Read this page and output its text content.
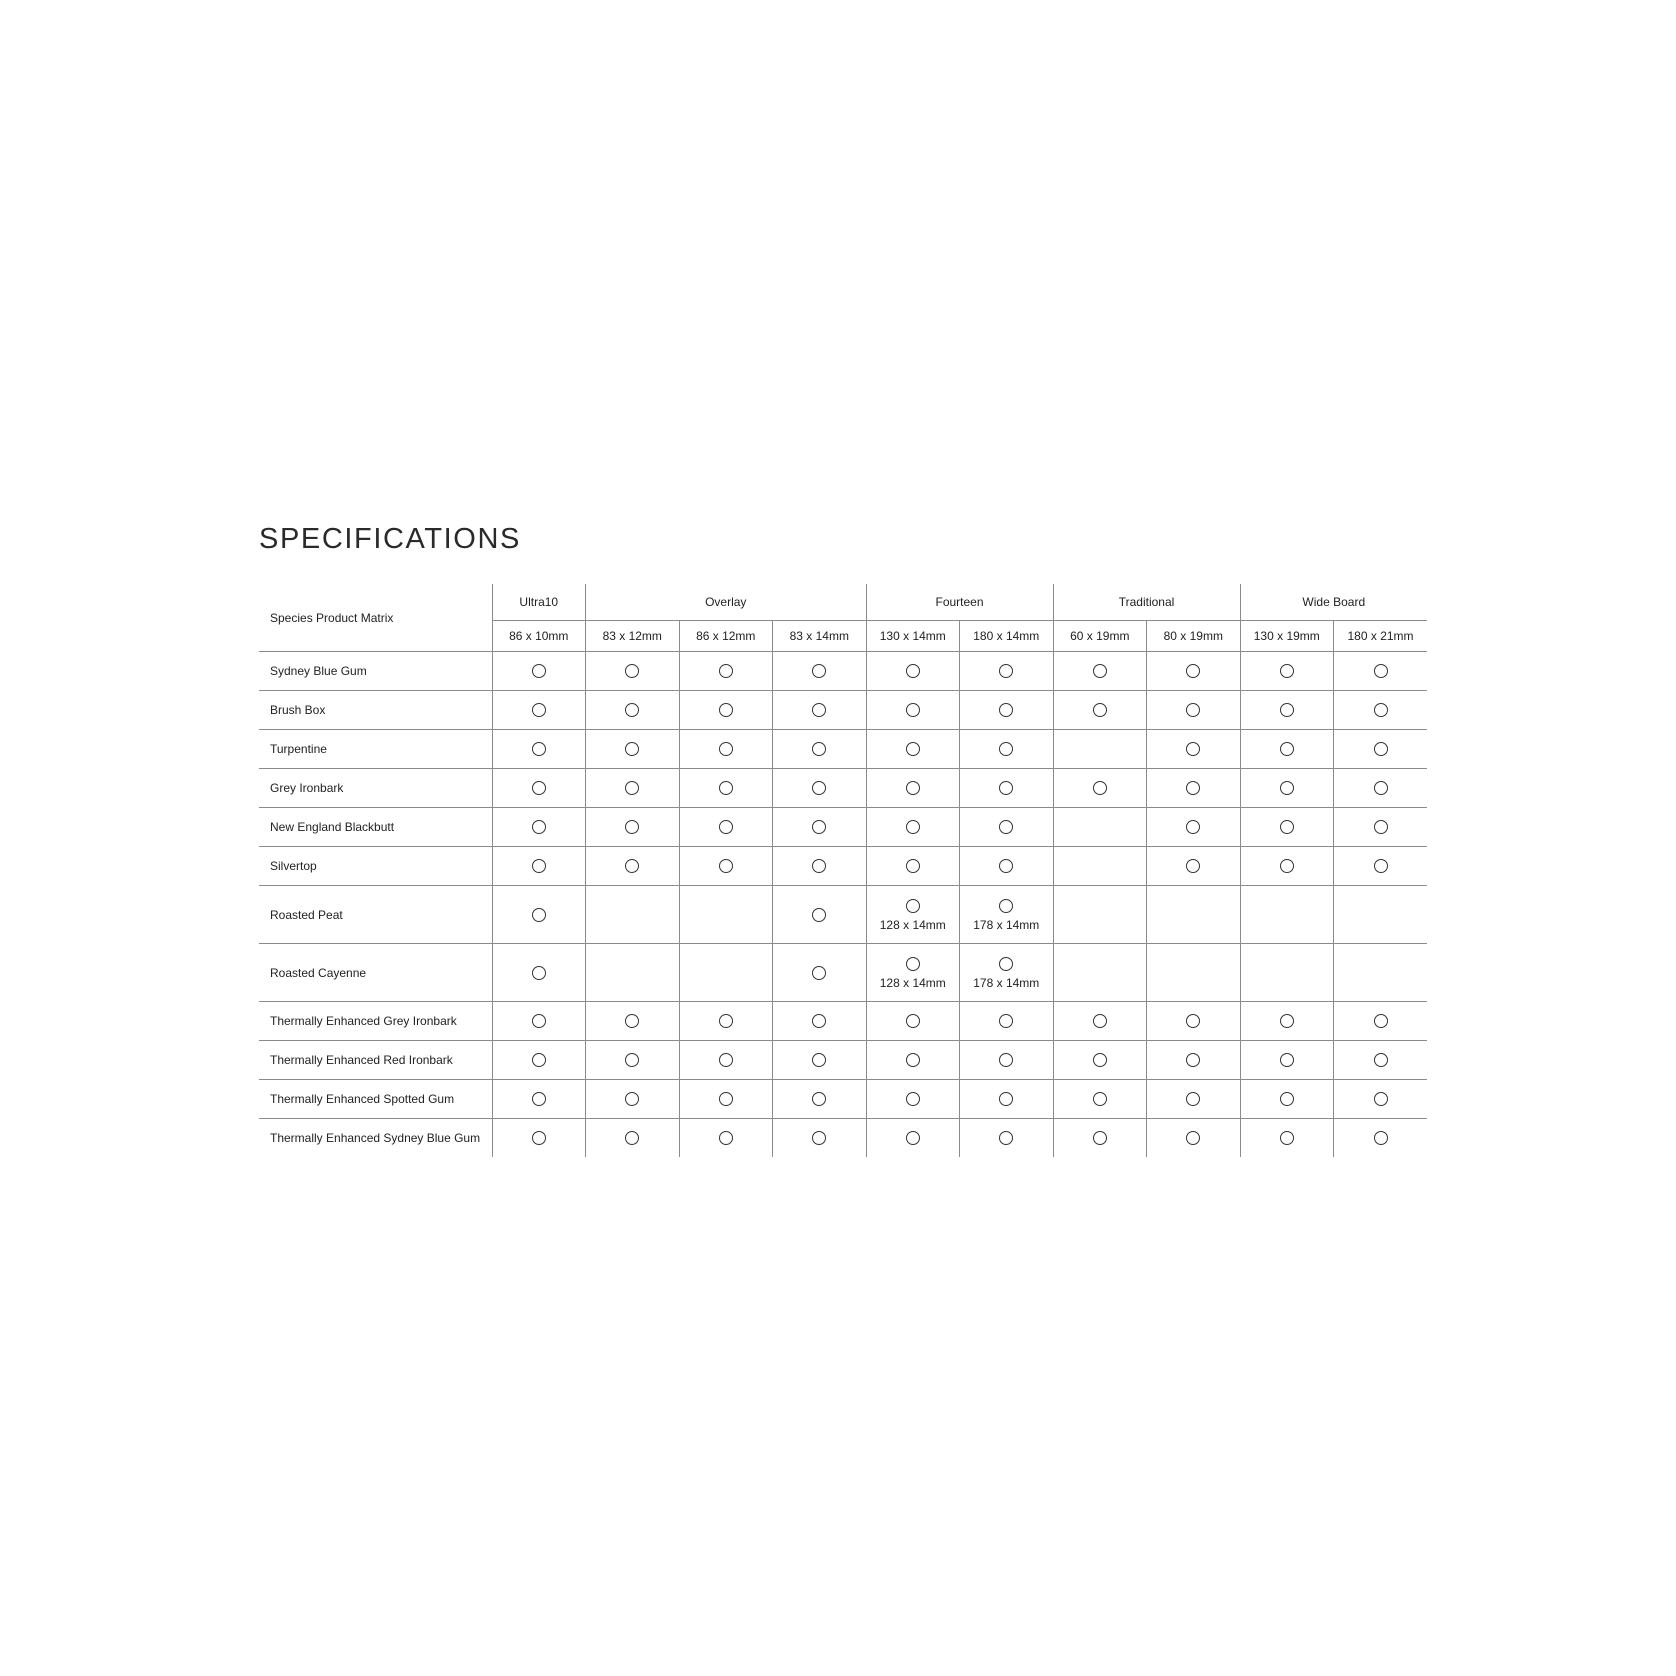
SPECIFICATIONS
Species Product Matrix	Ultra10	Overlay			Fourteen		Traditional		Wide Board	
	86 x 10mm	83 x 12mm	86 x 12mm	83 x 14mm	130 x 14mm	180 x 14mm	60 x 19mm	80 x 19mm	130 x 19mm	180 x 21mm
Sydney Blue Gum										
Brush Box										
Turpentine										
Grey Ironbark										
New England Blackbutt										
Silvertop										
Roasted Peat					128 x 14mm	178 x 14mm				

Roasted Cayenne					128 x 14mm	178 x 14mm				

Thermally Enhanced Grey Ironbark										
Thermally Enhanced Red Ironbark										
Thermally Enhanced Spotted Gum										
Thermally Enhanced Sydney Blue Gum										
